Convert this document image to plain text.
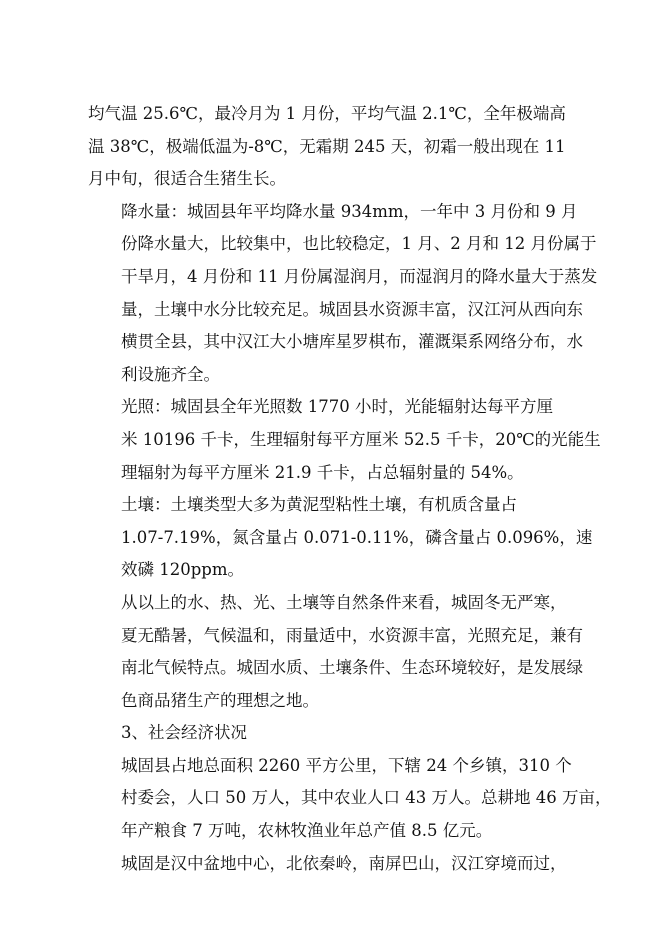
均气温 25.6℃，最冷月为 1 月份，平均气温 2.1℃，全年极端高
温 38℃，极端低温为-8℃，无霜期 245 天，初霜一般出现在 11
月中旬，很适合生猪生长。

降水量：城固县年平均降水量 934mm，一年中 3 月份和 9 月
份降水量大，比较集中，也比较稳定，1 月、2 月和 12 月份属于
干旱月，4 月份和 11 月份属湿润月，而湿润月的降水量大于蒸发
量，土壤中水分比较充足。城固县水资源丰富，汉江河从西向东
横贯全县，其中汉江大小塘库星罗棋布，灌溉渠系网络分布，水
利设施齐全。

光照：城固县全年光照数 1770 小时，光能辐射达每平方厘
米 10196 千卡，生理辐射每平方厘米 52.5 千卡，20℃的光能生
理辐射为每平方厘米 21.9 千卡，占总辐射量的 54%。

土壤：土壤类型大多为黄泥型粘性土壤，有机质含量占
1.07-7.19%，氮含量占 0.071-0.11%，磷含量占 0.096%，速
效磷 120ppm。

从以上的水、热、光、土壤等自然条件来看，城固冬无严寒，
夏无酷暑，气候温和，雨量适中，水资源丰富，光照充足，兼有
南北气候特点。城固水质、土壤条件、生态环境较好，是发展绿
色商品猪生产的理想之地。

3、社会经济状况

城固县占地总面积 2260 平方公里，下辖 24 个乡镇，310 个
村委会，人口 50 万人，其中农业人口 43 万人。总耕地 46 万亩，
年产粮食 7 万吨，农林牧渔业年总产值 8.5 亿元。

城固是汉中盆地中心，北依秦岭，南屏巴山，汉江穿境而过，
